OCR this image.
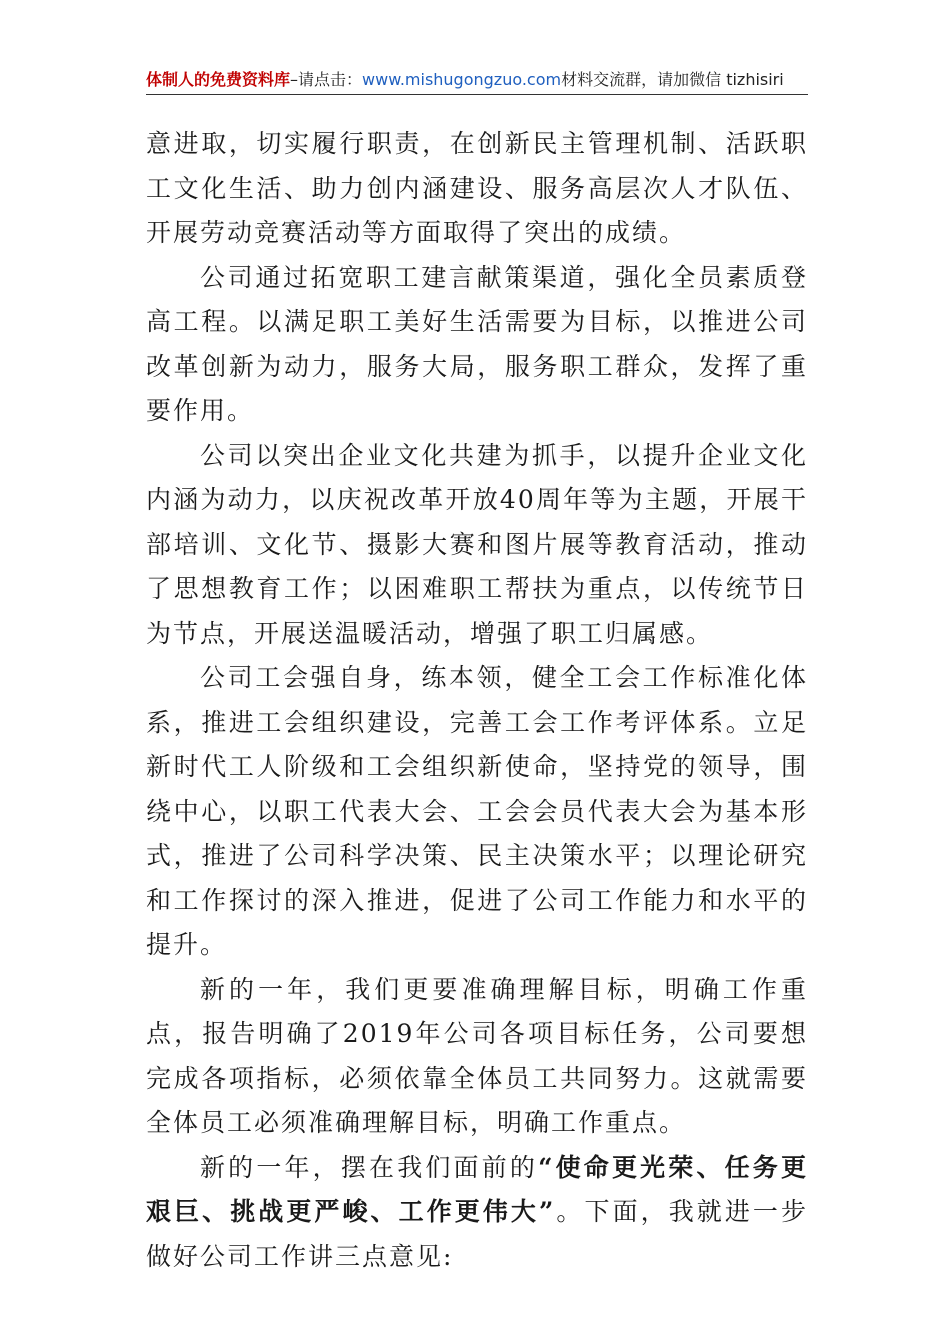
体制人的免费资料库–请点击：www.mishugongzuo.com材料交流群，请加微信 tizhisiri

意进取，切实履行职责，在创新民主管理机制、活跃职工文化生活、助力创内涵建设、服务高层次人才队伍、开展劳动竞赛活动等方面取得了突出的成绩。

公司通过拓宽职工建言献策渠道，强化全员素质登高工程。以满足职工美好生活需要为目标，以推进公司改革创新为动力，服务大局，服务职工群众，发挥了重要作用。

公司以突出企业文化共建为抓手，以提升企业文化内涵为动力，以庆祝改革开放40周年等为主题，开展干部培训、文化节、摄影大赛和图片展等教育活动，推动了思想教育工作；以困难职工帮扶为重点，以传统节日为节点，开展送温暖活动，增强了职工归属感。

公司工会强自身，练本领，健全工会工作标准化体系，推进工会组织建设，完善工会工作考评体系。立足新时代工人阶级和工会组织新使命，坚持党的领导，围绕中心，以职工代表大会、工会会员代表大会为基本形式，推进了公司科学决策、民主决策水平；以理论研究和工作探讨的深入推进，促进了公司工作能力和水平的提升。

新的一年，我们更要准确理解目标，明确工作重点，报告明确了2019年公司各项目标任务，公司要想完成各项指标，必须依靠全体员工共同努力。这就需要全体员工必须准确理解目标，明确工作重点。

新的一年，摆在我们面前的“使命更光荣、任务更艰巨、挑战更严峻、工作更伟大”。下面，我就进一步做好公司工作讲三点意见:
